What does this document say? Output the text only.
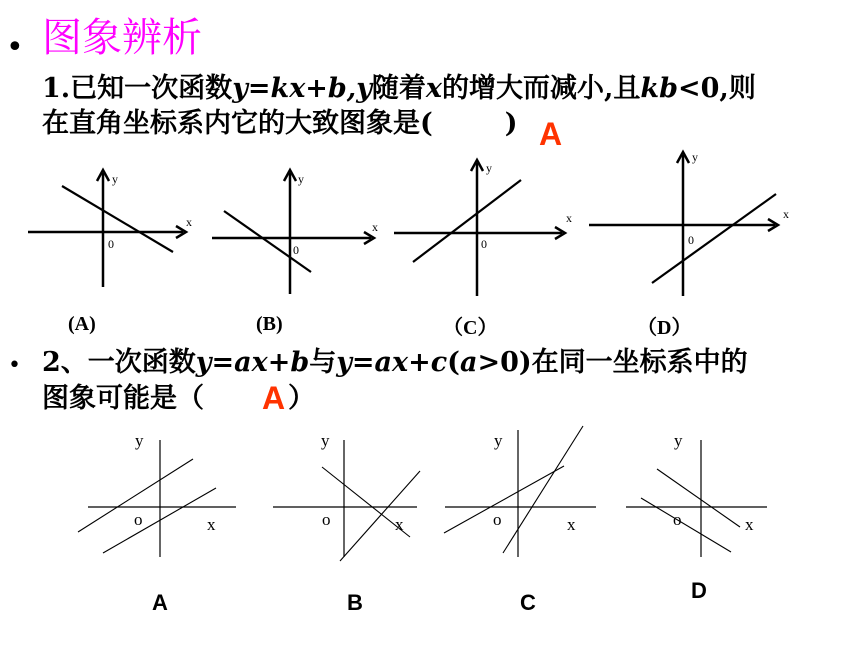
• 图象辨析
1.已知一次函数y=kx+b,y随着x的增大而减小,且kb<0,则
在直角坐标系内它的大致图象是(	) A
y
x
0
y
x
0
y
x
0
y
x
0
(A)	(B)	（C）	（D）
• 2、一次函数y=ax+b与y=ax+c(a>0)在同一坐标系中的
图象可能是（	）
A
y
x
o
y
x
o
y
x
o
y
x
o
A	B	C	D
